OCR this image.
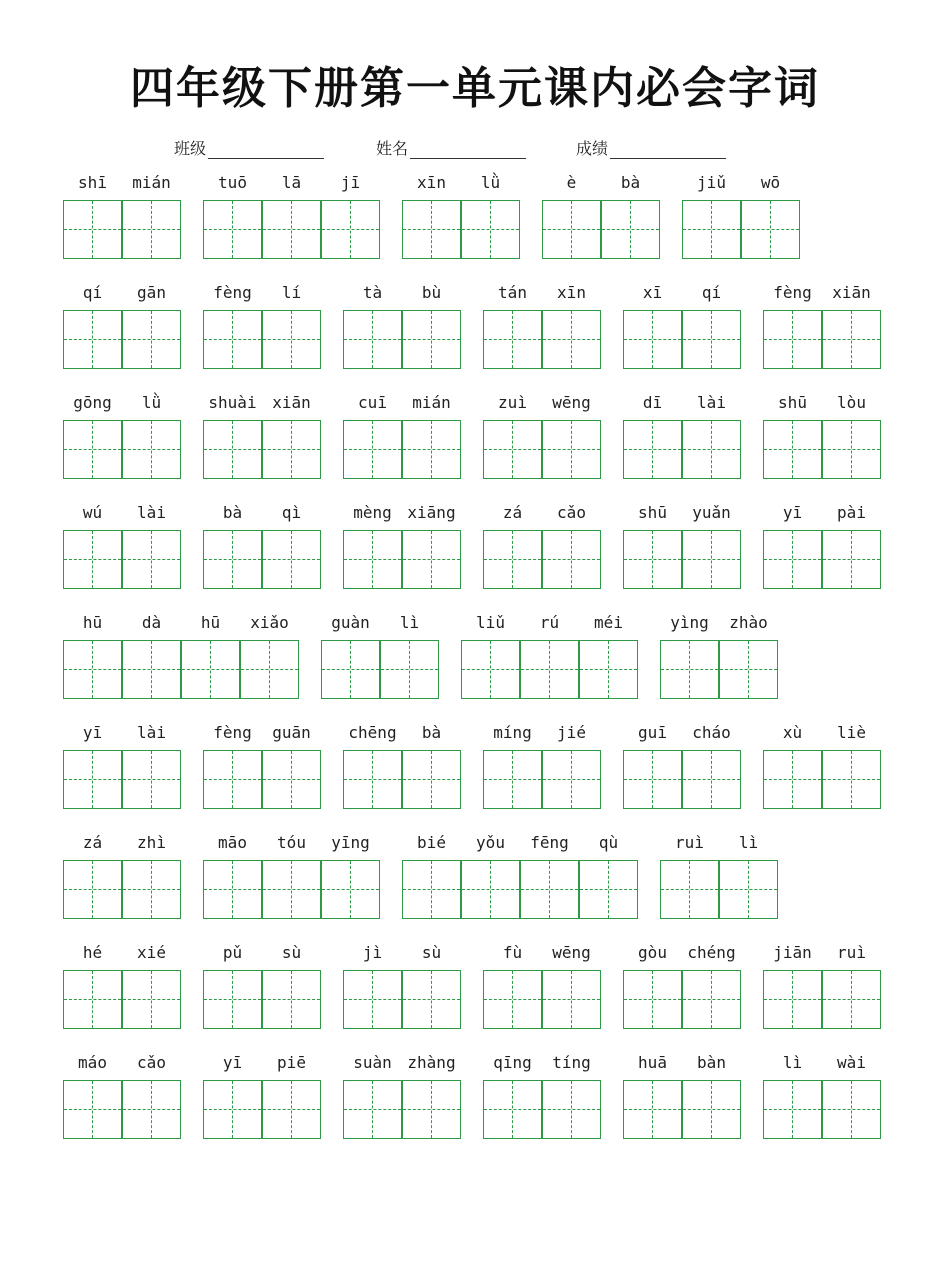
四年级下册第一单元课内必会字词
班级	姓名	成绩
shī	mián	tuō	lā	jī	xīn	lǜ	è	bà	jiǔ	wō
qí	gān	fèng	lí	tà	bù	tán	xīn	xī	qí	fèng	xiān
gōng	lǜ	shuài xiān	cuī	mián	zuì	wēng	dī	lài	shū	lòu
wú	lài	bà	qì	mèng xiāng	zá	cǎo	shū	yuǎn	yī	pài
hū	dà	hū	xiǎo	guàn	lì	liǔ	rú	méi	yìng	zhào
yī	lài	fèng	guān	chēng	bà	míng	jié	guī	cháo	xù	liè
zá	zhì	māo	tóu	yīng	bié	yǒu	fēng	qù	ruì	lì
hé	xié	pǔ	sù	jì	sù	fù	wēng	gòu	chéng	jiān	ruì
máo	cǎo	yī	piē	suàn zhàng	qīng	tíng	huā	bàn	lì	wài
